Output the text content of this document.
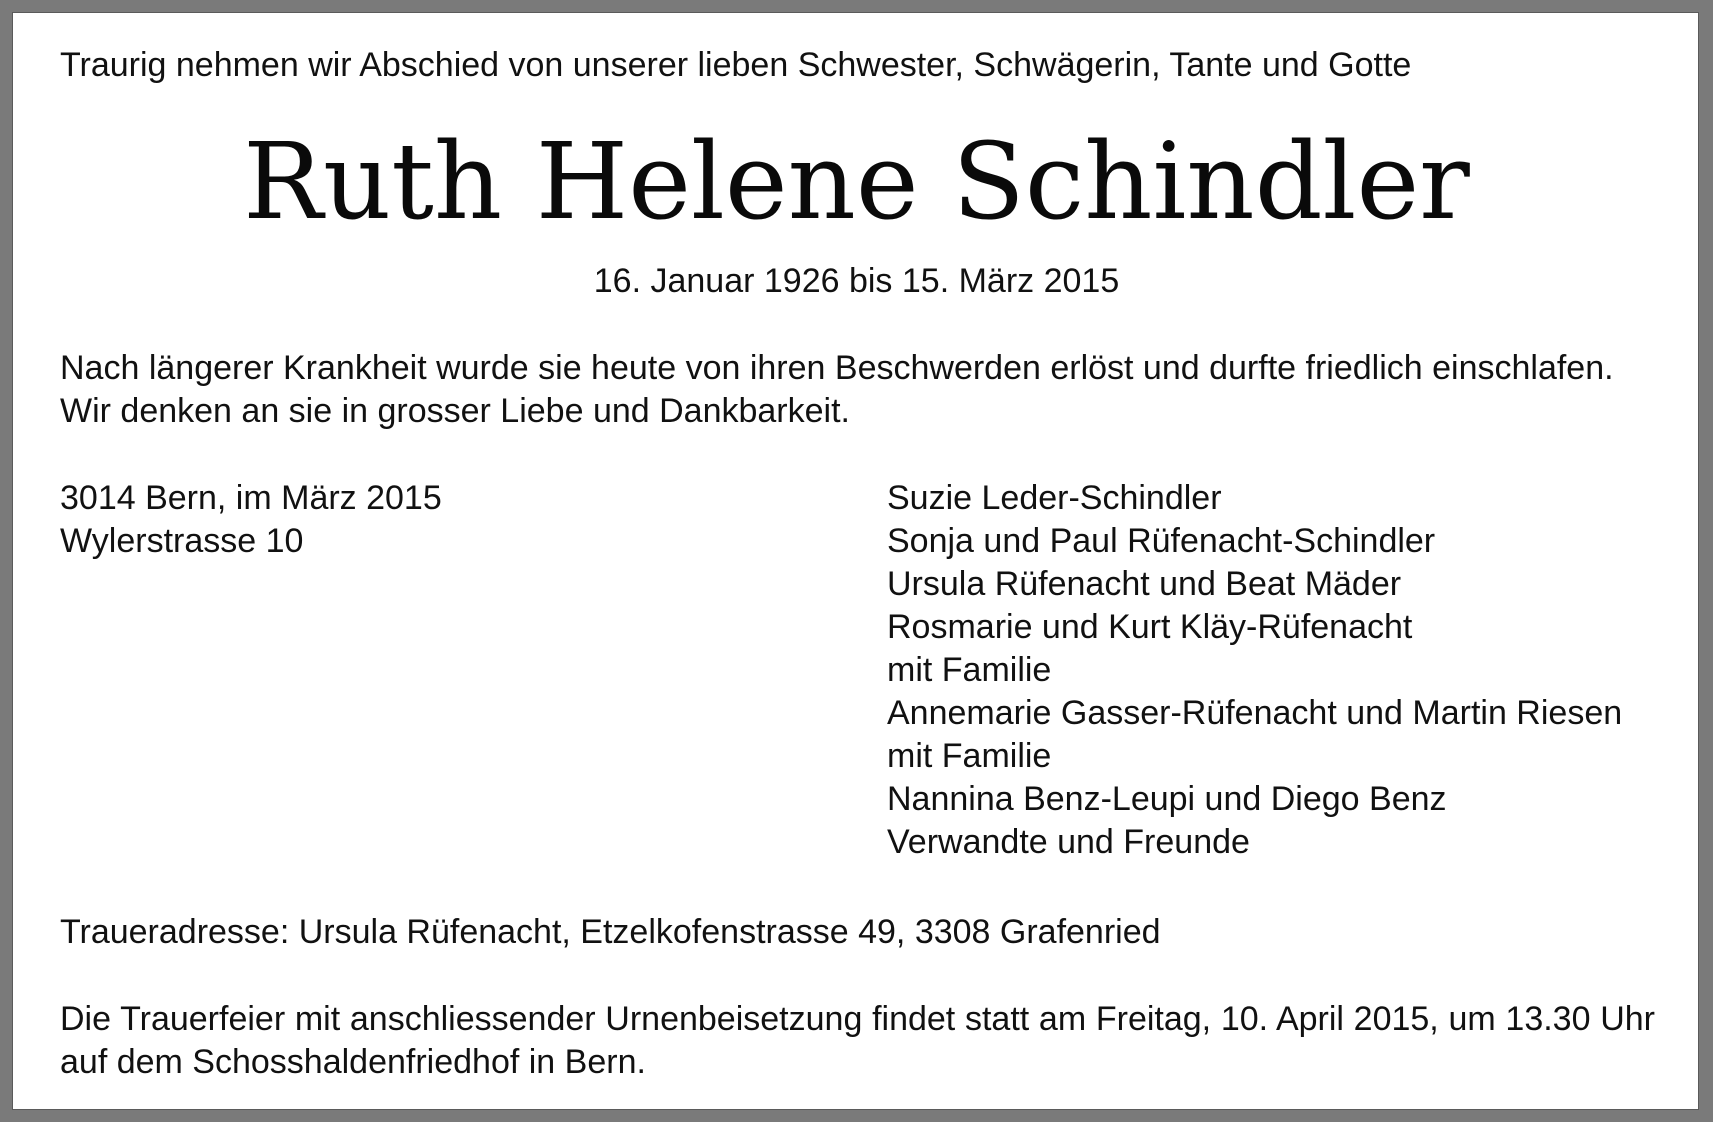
Traurig nehmen wir Abschied von unserer lieben Schwester, Schwägerin, Tante und Gotte
Ruth Helene Schindler
16. Januar 1926 bis 15. März 2015
Nach längerer Krankheit wurde sie heute von ihren Beschwerden erlöst und durfte friedlich einschlafen.
Wir denken an sie in grosser Liebe und Dankbarkeit.
3014 Bern, im März 2015
Wylerstrasse 10
Suzie Leder-Schindler
Sonja und Paul Rüfenacht-Schindler
Ursula Rüfenacht und Beat Mäder
Rosmarie und Kurt Kläy-Rüfenacht
mit Familie
Annemarie Gasser-Rüfenacht und Martin Riesen
mit Familie
Nannina Benz-Leupi und Diego Benz
Verwandte und Freunde
Traueradresse: Ursula Rüfenacht, Etzelkofenstrasse 49, 3308 Grafenried
Die Trauerfeier mit anschliessender Urnenbeisetzung findet statt am Freitag, 10. April 2015, um 13.30 Uhr
auf dem Schosshaldenfriedhof in Bern.
